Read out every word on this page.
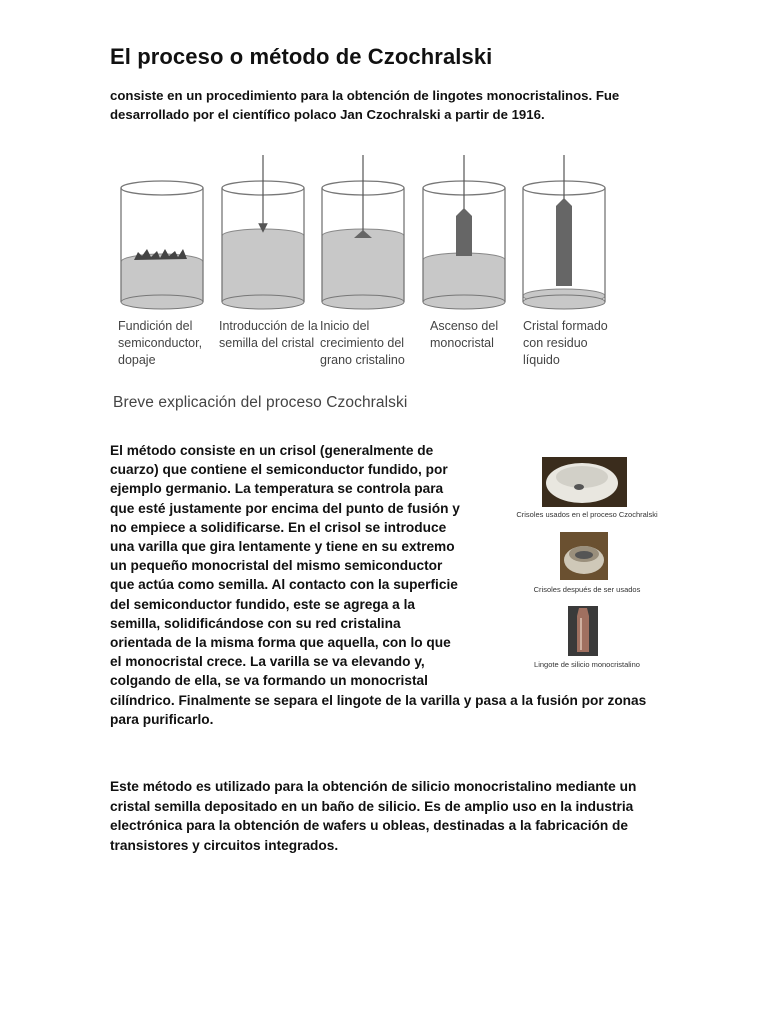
El proceso o método de Czochralski
consiste en un procedimiento para la obtención de lingotes monocristalinos. Fue desarrollado por el científico polaco Jan Czochralski a partir de 1916.
Fundición del semiconductor, dopaje
Introducción de la semilla del cristal
Inicio del crecimiento del grano cristalino
Ascenso del monocristal
Cristal formado con residuo líquido
Breve explicación del proceso Czochralski
El método consiste en un crisol (generalmente de cuarzo) que contiene el semiconductor fundido, por ejemplo germanio. La temperatura se controla para que esté justamente por encima del punto de fusión y no empiece a solidificarse. En el crisol se introduce una varilla que gira lentamente y tiene en su extremo un pequeño monocristal del mismo semiconductor que actúa como semilla. Al contacto con la superficie del semiconductor fundido, este se agrega a la semilla, solidificándose con su red cristalina orientada de la misma forma que aquella, con lo que el monocristal crece. La varilla se va elevando y, colgando de ella, se va formando un monocristal cilíndrico. Finalmente se separa el lingote de la varilla y pasa a la fusión por zonas para purificarlo.
Crisoles usados en el proceso Czochralski
Crisoles después de ser usados
Lingote de silicio monocristalino
Este método es utilizado para la obtención de silicio monocristalino mediante un cristal semilla depositado en un baño de silicio. Es de amplio uso en la industria electrónica para la obtención de wafers u obleas, destinadas a la fabricación de transistores y circuitos integrados.
